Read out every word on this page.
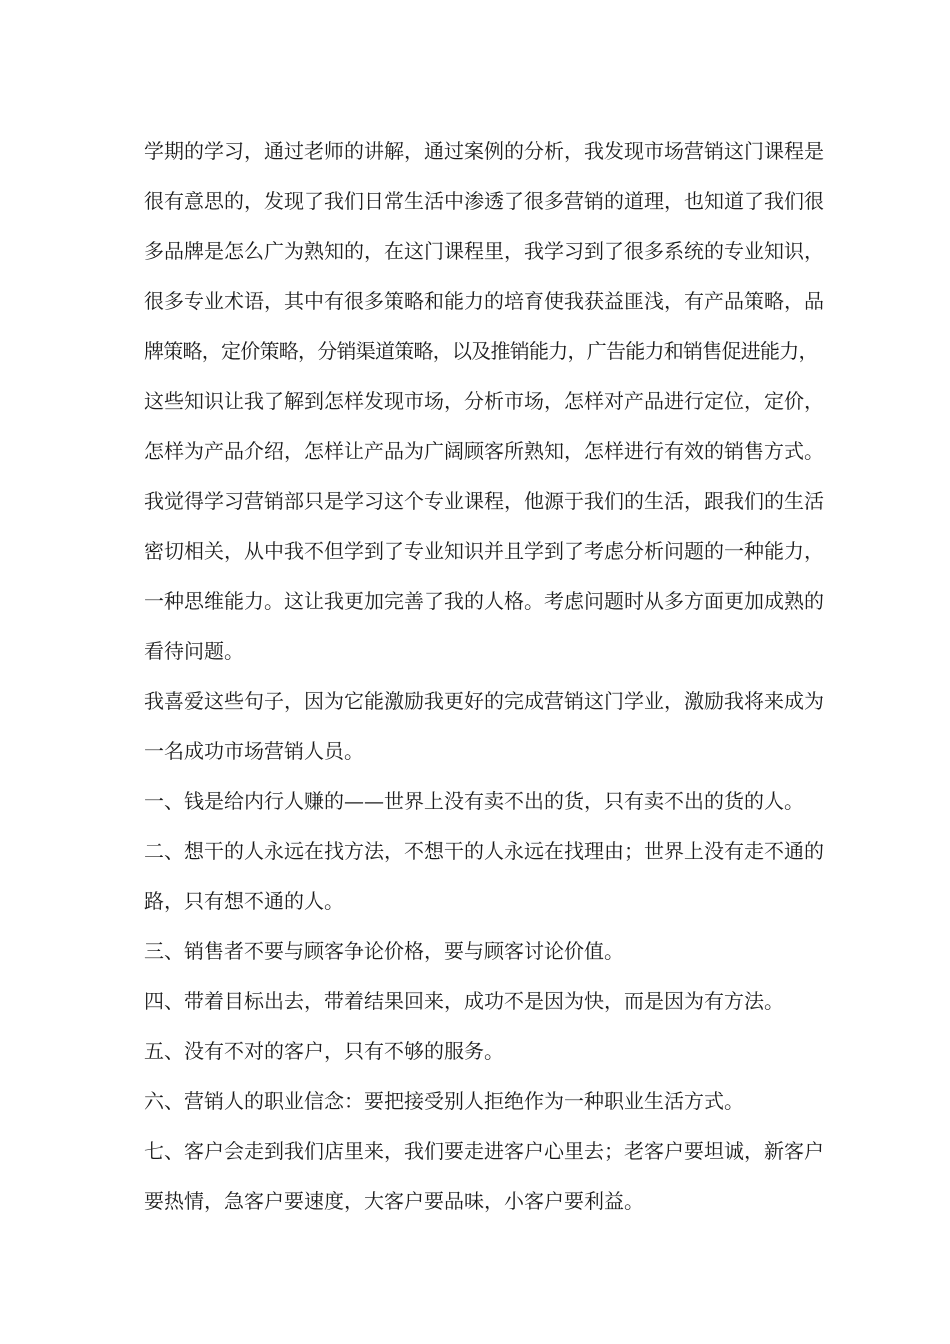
学期的学习，通过老师的讲解，通过案例的分析，我发现市场营销这门课程是
很有意思的，发现了我们日常生活中渗透了很多营销的道理，也知道了我们很
多品牌是怎么广为熟知的，在这门课程里，我学习到了很多系统的专业知识，
很多专业术语，其中有很多策略和能力的培育使我获益匪浅，有产品策略，品
牌策略，定价策略，分销渠道策略，以及推销能力，广告能力和销售促进能力，
这些知识让我了解到怎样发现市场，分析市场，怎样对产品进行定位，定价，
怎样为产品介绍，怎样让产品为广阔顾客所熟知，怎样进行有效的销售方式。
我觉得学习营销部只是学习这个专业课程，他源于我们的生活，跟我们的生活
密切相关，从中我不但学到了专业知识并且学到了考虑分析问题的一种能力，
一种思维能力。这让我更加完善了我的人格。考虑问题时从多方面更加成熟的
看待问题。
我喜爱这些句子，因为它能激励我更好的完成营销这门学业，激励我将来成为
一名成功市场营销人员。
一、钱是给内行人赚的——世界上没有卖不出的货，只有卖不出的货的人。
二、想干的人永远在找方法，不想干的人永远在找理由；世界上没有走不通的
路，只有想不通的人。
三、销售者不要与顾客争论价格，要与顾客讨论价值。
四、带着目标出去，带着结果回来，成功不是因为快，而是因为有方法。
五、没有不对的客户，只有不够的服务。
六、营销人的职业信念：要把接受别人拒绝作为一种职业生活方式。
七、客户会走到我们店里来，我们要走进客户心里去；老客户要坦诚，新客户
要热情，急客户要速度，大客户要品味，小客户要利益。
